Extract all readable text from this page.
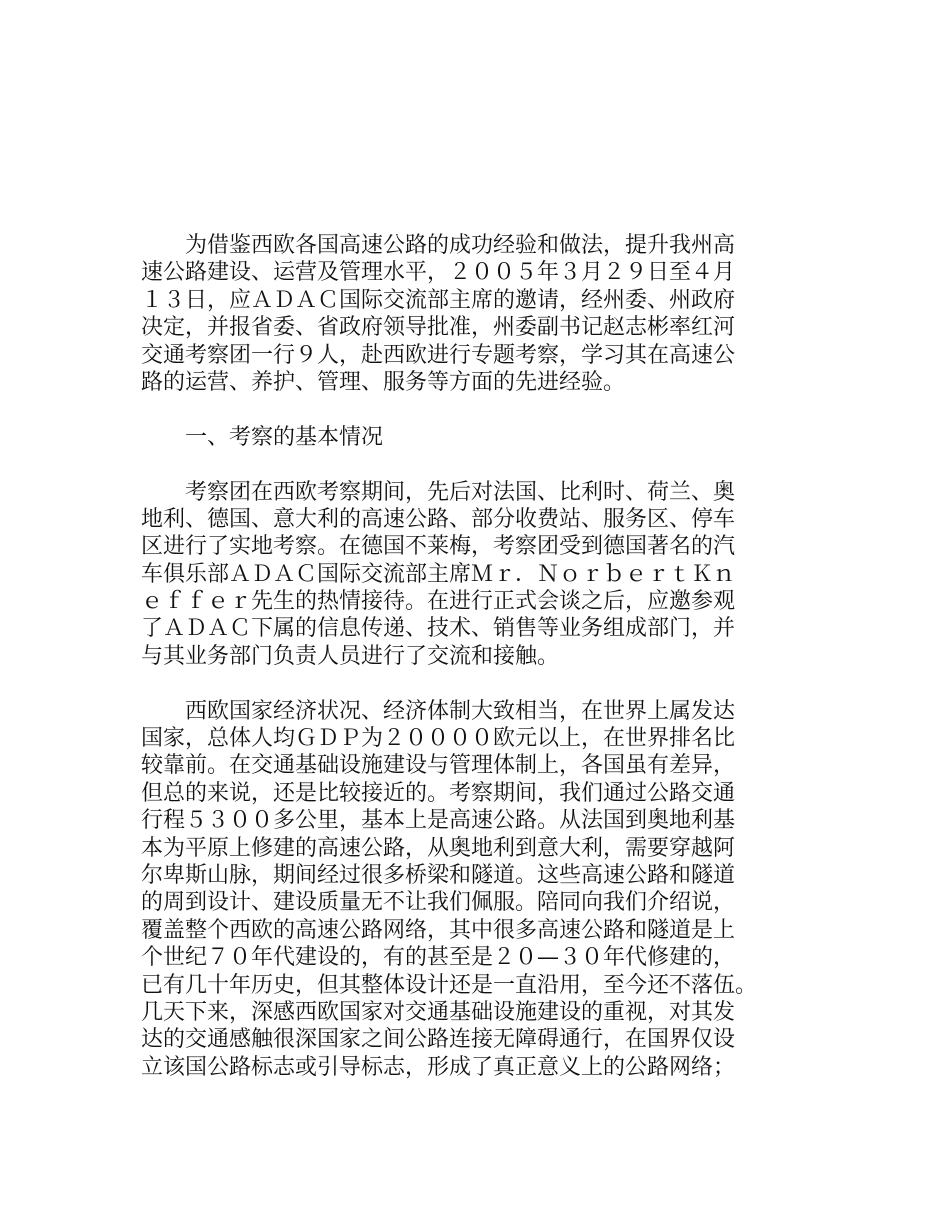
　　为借鉴西欧各国高速公路的成功经验和做法，提升我州高
速公路建设、运营及管理水平，２００５年３月２９日至４月
１３日，应ＡＤＡＣ国际交流部主席的邀请，经州委、州政府
决定，并报省委、省政府领导批准，州委副书记赵志彬率红河
交通考察团一行９人，赴西欧进行专题考察，学习其在高速公
路的运营、养护、管理、服务等方面的先进经验。
　　一、考察的基本情况
　　考察团在西欧考察期间，先后对法国、比利时、荷兰、奥
地利、德国、意大利的高速公路、部分收费站、服务区、停车
区进行了实地考察。在德国不莱梅，考察团受到德国著名的汽
车俱乐部ＡＤＡＣ国际交流部主席Ｍｒ．ＮｏｒｂｅｒｔＫｎ
ｅｆｆｅｒ先生的热情接待。在进行正式会谈之后，应邀参观
了ＡＤＡＣ下属的信息传递、技术、销售等业务组成部门，并
与其业务部门负责人员进行了交流和接触。
　　西欧国家经济状况、经济体制大致相当，在世界上属发达
国家，总体人均ＧＤＰ为２００００欧元以上，在世界排名比
较靠前。在交通基础设施建设与管理体制上，各国虽有差异，
但总的来说，还是比较接近的。考察期间，我们通过公路交通
行程５３００多公里，基本上是高速公路。从法国到奥地利基
本为平原上修建的高速公路，从奥地利到意大利，需要穿越阿
尔卑斯山脉，期间经过很多桥梁和隧道。这些高速公路和隧道
的周到设计、建设质量无不让我们佩服。陪同向我们介绍说，
覆盖整个西欧的高速公路网络，其中很多高速公路和隧道是上
个世纪７０年代建设的，有的甚至是２０—３０年代修建的，
已有几十年历史，但其整体设计还是一直沿用，至今还不落伍。
几天下来，深感西欧国家对交通基础设施建设的重视，对其发
达的交通感触很深国家之间公路连接无障碍通行，在国界仅设
立该国公路标志或引导标志，形成了真正意义上的公路网络；
